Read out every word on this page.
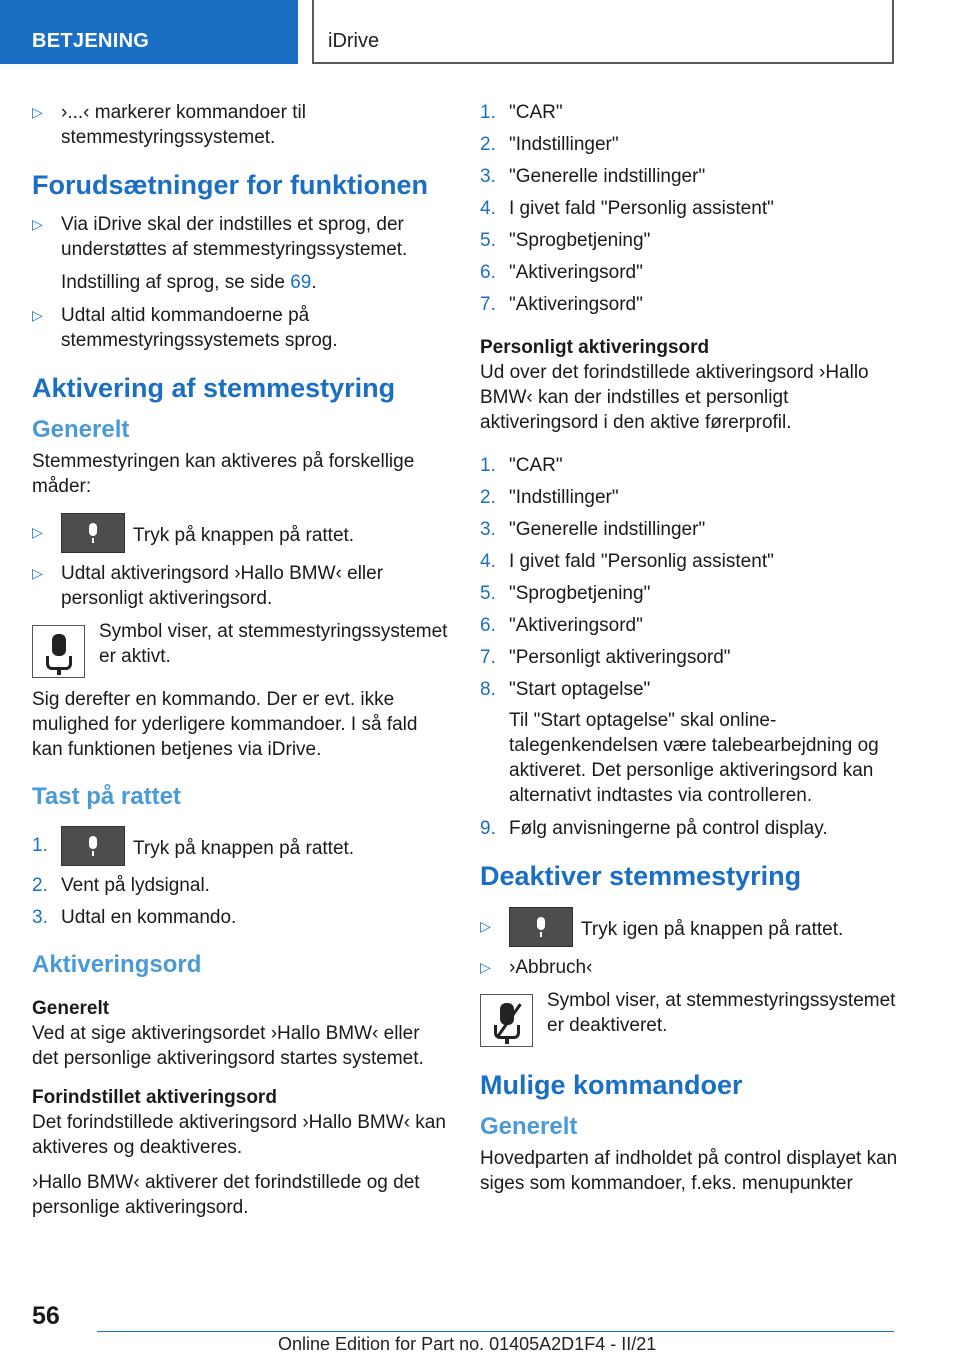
BETJENING	iDrive
▷ ›...‹ markerer kommandoer til stemmestyringssystemet.
Forudsætninger for funktionen
▷ Via iDrive skal der indstilles et sprog, der understøttes af stemmestyringssystemet.
Indstilling af sprog, se side 69.
▷ Udtal altid kommandoerne på stemmestyringssystemets sprog.
Aktivering af stemmestyring
Generelt

Stemmestyringen kan aktiveres på forskellige måder:

▷	Tryk på knappen på rattet.
▷ Udtal aktiveringsord ›Hallo BMW‹ eller personligt aktiveringsord.
Symbol viser, at stemmestyringssystemet er aktivt.

Sig derefter en kommando. Der er evt. ikke mulighed for yderligere kommandoer. I så fald kan funktionen betjenes via iDrive.

Tast på rattet
1.	Tryk på knappen på rattet.
2. Vent på lydsignal.
3. Udtal en kommando.
Aktiveringsord

Generelt

Ved at sige aktiveringsordet ›Hallo BMW‹ eller det personlige aktiveringsord startes systemet.

Forindstillet aktiveringsord

Det forindstillede aktiveringsord ›Hallo BMW‹ kan aktiveres og deaktiveres.

›Hallo BMW‹ aktiverer det forindstillede og det personlige aktiveringsord.

1. "CAR"
2. "Indstillinger"
3. "Generelle indstillinger"
4. I givet fald "Personlig assistent"
5. "Sprogbetjening"
6. "Aktiveringsord"
7. "Aktiveringsord"

Personligt aktiveringsord

Ud over det forindstillede aktiveringsord ›Hallo BMW‹ kan der indstilles et personligt aktiveringsord i den aktive førerprofil.

1. "CAR"
2. "Indstillinger"
3. "Generelle indstillinger"
4. I givet fald "Personlig assistent"
5. "Sprogbetjening"
6. "Aktiveringsord"
7. "Personligt aktiveringsord"
8. "Start optagelse"
Til "Start optagelse" skal online-talegenkendelsen være talebearbejdning og aktiveret. Det personlige aktiveringsord kan alternativt indtastes via controlleren.
9. Følg anvisningerne på control display.
Deaktiver stemmestyring
▷	Tryk igen på knappen på rattet.
▷ ›Abbruch‹
Symbol viser, at stemmestyringssystemet er deaktiveret.
Mulige kommandoer
Generelt

Hovedparten af indholdet på control displayet kan siges som kommandoer, f.eks. menupunkter

56
Online Edition for Part no. 01405A2D1F4 - II/21
